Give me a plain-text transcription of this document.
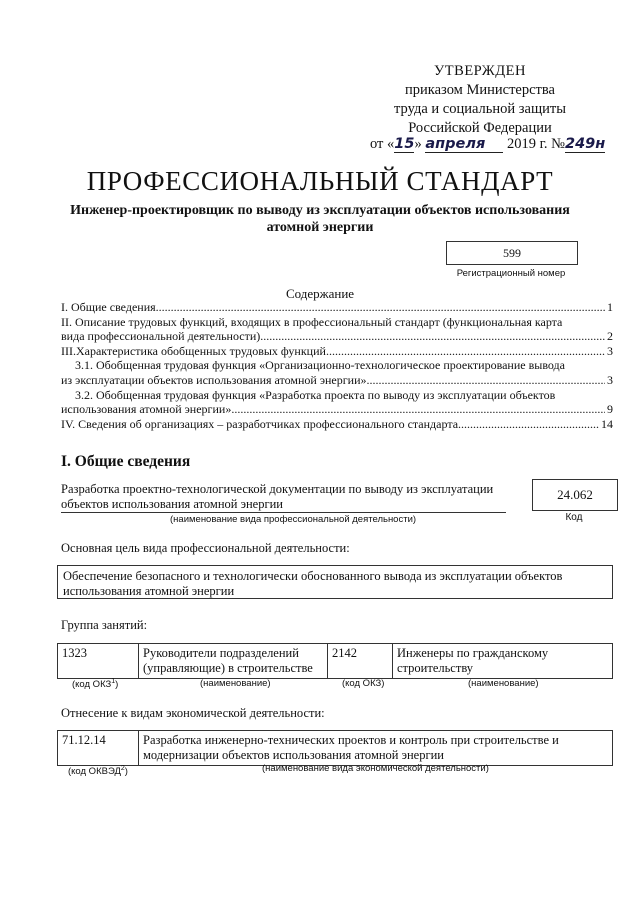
УТВЕРЖДЕН
приказом Министерства
труда и социальной защиты
Российской Федерации
от «15» апреля 2019 г. №249н
ПРОФЕССИОНАЛЬНЫЙ СТАНДАРТ
Инженер-проектировщик по выводу из эксплуатации объектов использования атомной энергии
599
Регистрационный номер
Содержание
I. Общие сведения .....	1
II. Описание трудовых функций, входящих в профессиональный стандарт (функциональная карта
вида профессиональной деятельности) .....	2
III.Характеристика обобщенных трудовых функций .....	3
3.1. Обобщенная трудовая функция «Организационно-технологическое проектирование вывода
из эксплуатации объектов использования атомной энергии» .....	3
3.2. Обобщенная трудовая функция «Разработка проекта по выводу из эксплуатации объектов
использования атомной энергии» .....	9
IV. Сведения об организациях – разработчиках профессионального стандарта .....	14
I. Общие сведения
Разработка проектно-технологической документации по выводу из эксплуатации объектов использования атомной энергии
(наименование вида профессиональной деятельности)
24.062
Код
Основная цель вида профессиональной деятельности:
Обеспечение безопасного и технологически обоснованного вывода из эксплуатации объектов использования атомной энергии
Группа занятий:
1323	Руководители подразделений (управляющие) в строительстве	2142	Инженеры по гражданскому строительству
(код ОКЗ$^1$)	(наименование)	(код ОКЗ)	(наименование)
Отнесение к видам экономической деятельности:
71.12.14	Разработка инженерно-технических проектов и контроль при строительстве и модернизации объектов использования атомной энергии
(код ОКВЭД$^2$)	(наименование вида экономической деятельности)
